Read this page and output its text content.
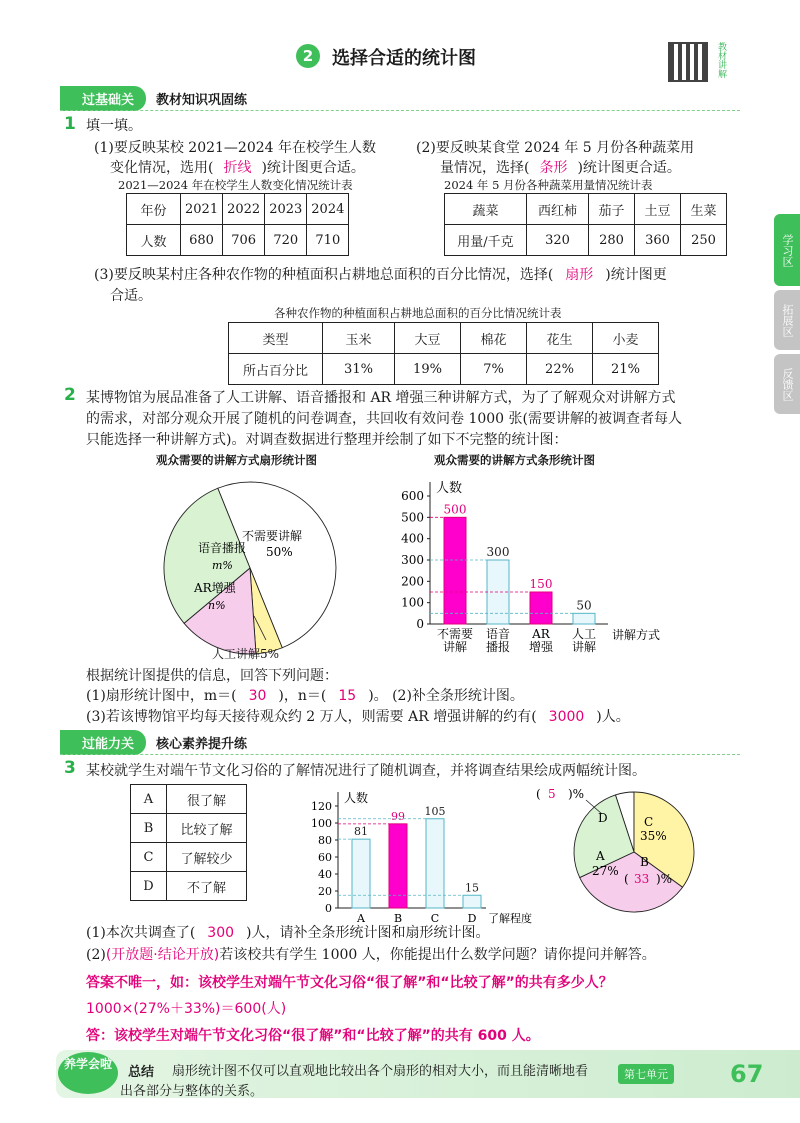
2	选择合适的统计图	教材讲解
学习区
拓展区
反馈区
过基础关	教材知识巩固练
1 填一填。
(1)要反映某校 2021—2024 年在校学生人数
变化情况，选用( 折线 )统计图更合适。
(2)要反映某食堂 2024 年 5 月份各种蔬菜用
量情况，选择( 条形 )统计图更合适。
2021—2024 年在校学生人数变化情况统计表
年份	2021	2022	2023	2024
人数	680	706	720	710
2024 年 5 月份各种蔬菜用量情况统计表
蔬菜	西红柿	茄子	土豆	生菜
用量/千克	320	280	360	250
(3)要反映某村庄各种农作物的种植面积占耕地总面积的百分比情况，选择( 扇形 )统计图更
合适。
各种农作物的种植面积占耕地总面积的百分比情况统计表
类型	玉米	大豆	棉花	花生	小麦
所占百分比	31%	19%	7%	22%	21%
2 某博物馆为展品准备了人工讲解、语音播报和 AR 增强三种讲解方式，为了了解观众对讲解方式
的需求，对部分观众开展了随机的问卷调查，共回收有效问卷 1000 张(需要讲解的被调查者每人
只能选择一种讲解方式)。对调查数据进行整理并绘制了如下不完整的统计图：
观众需要的讲解方式扇形统计图
语音播报
m%
不需要讲解
50%
AR增强
n%
人工讲解5%
观众需要的讲解方式条形统计图
0
100
200
300
400
500
600 人数
讲解方式
500
不需要
讲解
300
语音
播报
150
AR
增强
50
人工
讲解
根据统计图提供的信息，回答下列问题：
(1)扇形统计图中，m＝( 30 )，n＝( 15 )。 (2)补全条形统计图。
(3)若该博物馆平均每天接待观众约 2 万人，则需要 AR 增强讲解的约有( 3000 )人。
过能力关	核心素养提升练
3 某校就学生对端午节文化习俗的了解情况进行了随机调查，并将调查结果绘成两幅统计图。
A	很了解
B	比较了解
C	了解较少
D	不了解
0
20
40
60
80
100
120
人数
了解程度
81
A
99
B
105
C
15
D
( 5 )%
D	C
35%
A
27%
B
( 33 )%
(1)本次共调查了( 300 )人，请补全条形统计图和扇形统计图。
(2)(开放题·结论开放)若该校共有学生 1000 人，你能提出什么数学问题？请你提问并解答。
答案不唯一，如：该校学生对端午节文化习俗“很了解”和“比较了解”的共有多少人？
1000×(27%＋33%)＝600(人)
答：该校学生对端午节文化习俗“很了解”和“比较了解”的共有 600 人。
养学会啦
总结 扇形统计图不仅可以直观地比较出各个扇形的相对大小，而且能清晰地看
出各部分与整体的关系。
第七单元	67
